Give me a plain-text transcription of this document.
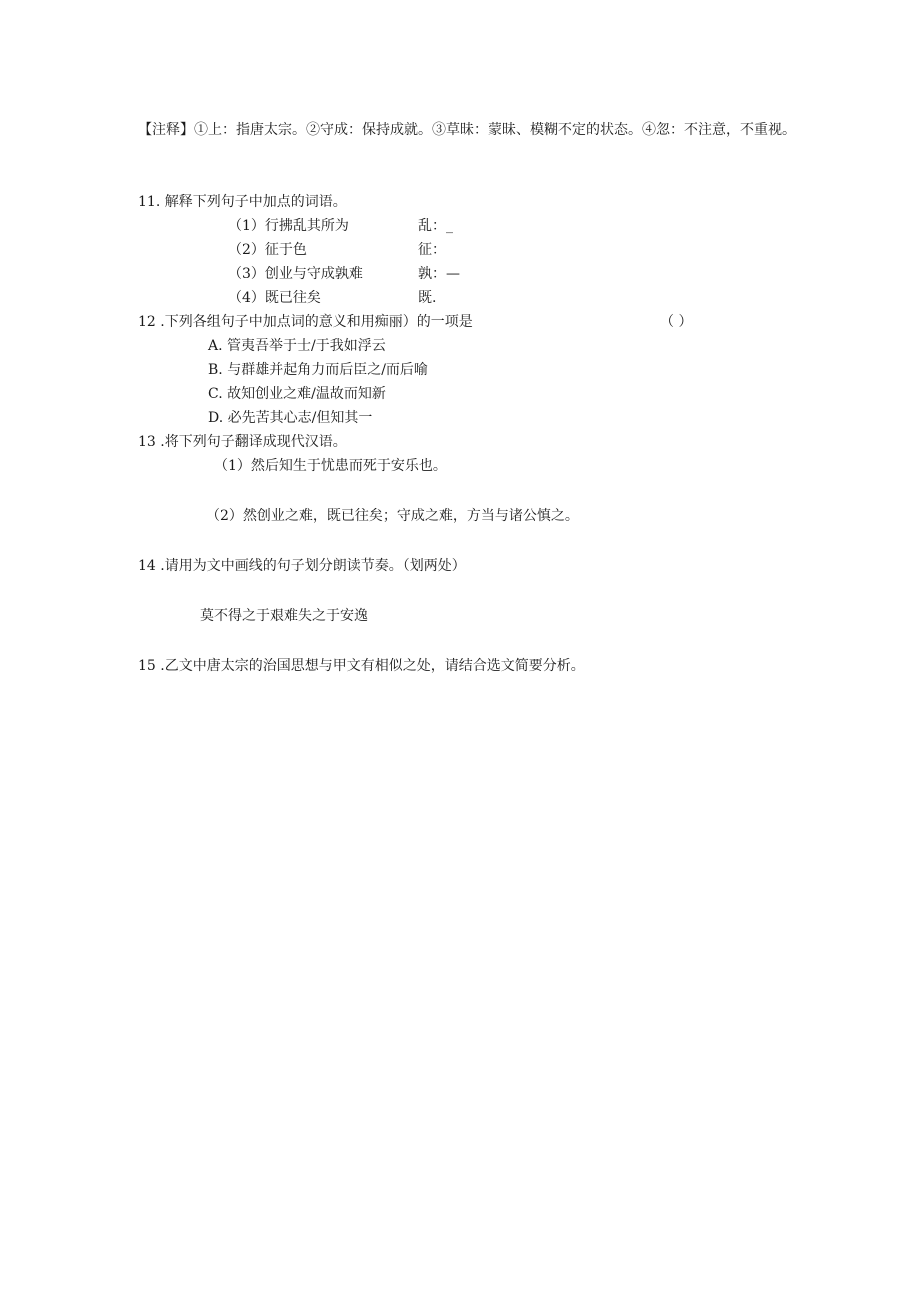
【注释】①上：指唐太宗。②守成：保持成就。③草昧：蒙昧、模糊不定的状态。④忽：不注意，不重视。
11. 解释下列句子中加点的词语。
（1）行拂乱其所为	乱：_
（2）征于色	征：
（3）创业与守成孰难	孰：—
（4）既已往矣	既.
12 .下列各组句子中加点词的意义和用痴丽）的一项是	（ ）
A. 管夷吾举于士/于我如浮云
B. 与群雄并起角力而后臣之/而后喻
C. 故知创业之难/温故而知新
D. 必先苦其心志/但知其一
13 .将下列句子翻译成现代汉语。
（1）然后知生于忧患而死于安乐也。
（2）然创业之难，既已往矣；守成之难，方当与诸公慎之。
14 .请用为文中画线的句子划分朗读节奏。（划两处）
莫不得之于艰难失之于安逸
15 .乙文中唐太宗的治国思想与甲文有相似之处，请结合选文简要分析。
